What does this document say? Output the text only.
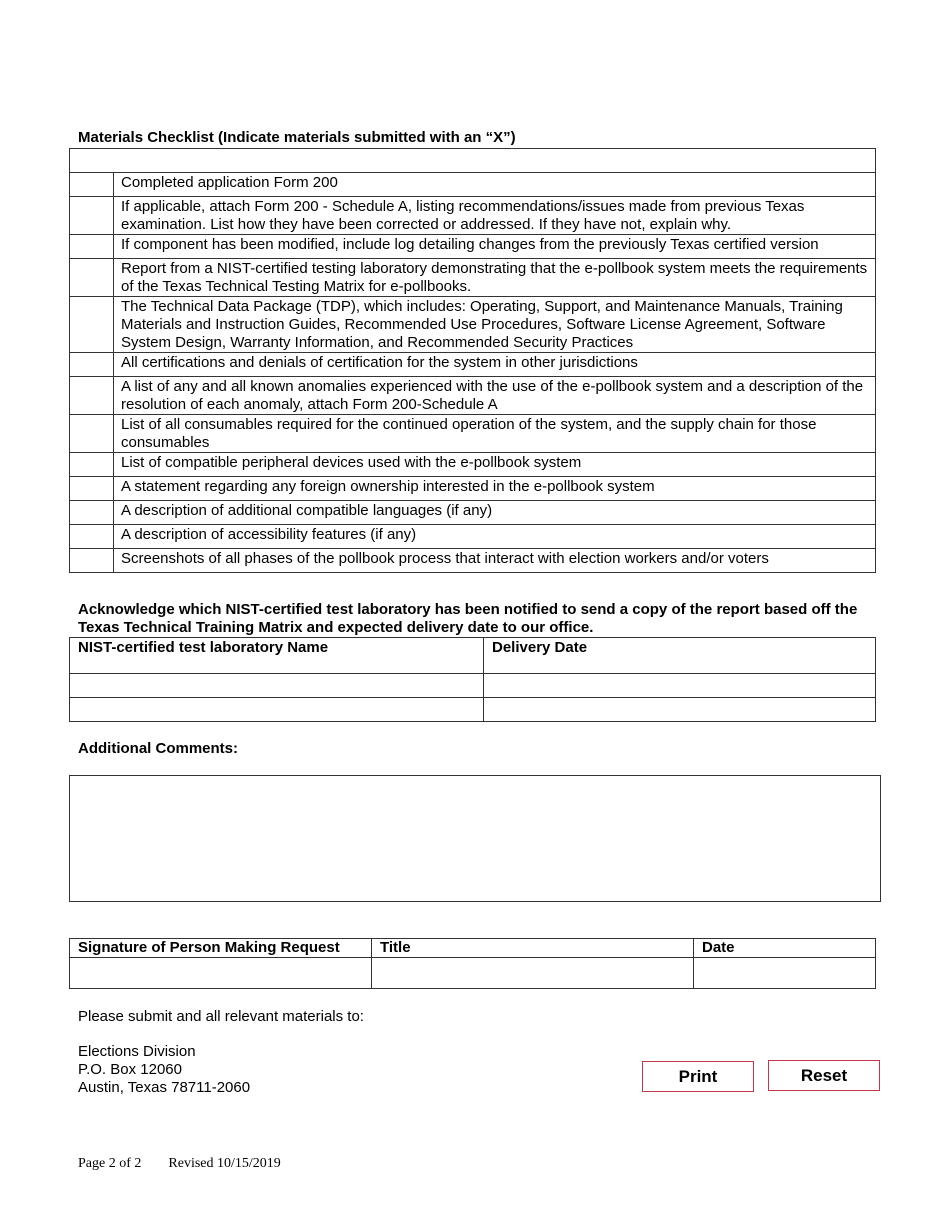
Materials Checklist (Indicate materials submitted with an “X”)

	Completed application Form 200
	If applicable, attach Form 200 - Schedule A, listing recommendations/issues made from previous Texas examination. List how they have been corrected or addressed. If they have not, explain why.
	If component has been modified, include log detailing changes from the previously Texas certified version
	Report from a NIST-certified testing laboratory demonstrating that the e-pollbook system meets the requirements of the Texas Technical Testing Matrix for e-pollbooks.
	The Technical Data Package (TDP), which includes: Operating, Support, and Maintenance Manuals, Training Materials and Instruction Guides, Recommended Use Procedures, Software License Agreement, Software System Design, Warranty Information, and Recommended Security Practices
	All certifications and denials of certification for the system in other jurisdictions
	A list of any and all known anomalies experienced with the use of the e-pollbook system and a description of the resolution of each anomaly, attach Form 200-Schedule A
	List of all consumables required for the continued operation of the system, and the supply chain for those consumables
	List of compatible peripheral devices used with the e-pollbook system
	A statement regarding any foreign ownership interested in the e-pollbook system
	A description of additional compatible languages (if any)
	A description of accessibility features (if any)
	Screenshots of all phases of the pollbook process that interact with election workers and/or voters
Acknowledge which NIST-certified test laboratory has been notified to send a copy of the report based off the Texas Technical Training Matrix and expected delivery date to our office.
NIST-certified test laboratory Name	Delivery Date

Additional Comments:
Signature of Person Making Request	Title	Date

Please submit and all relevant materials to:
Elections Division
P.O. Box 12060
Austin, Texas 78711-2060
Print	Reset
Page 2 of 2 Revised 10/15/2019
